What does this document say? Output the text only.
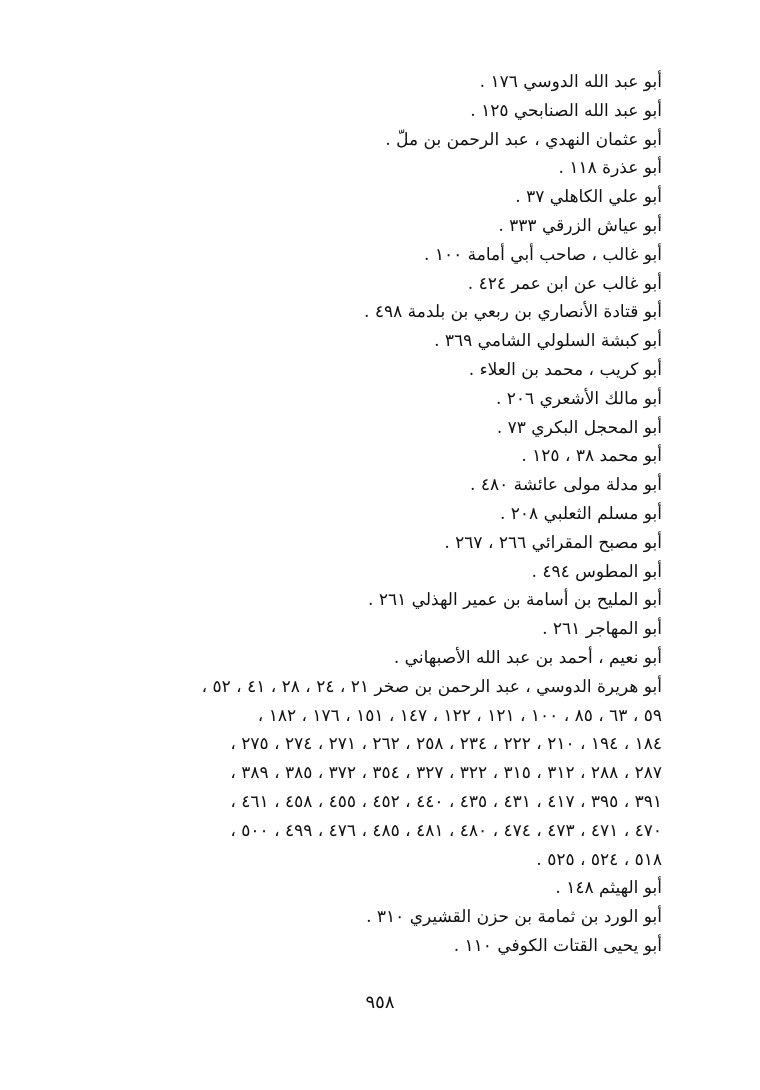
أبو عبد الله الدوسي ١٧٦ .
أبو عبد الله الصنابحي ١٢٥ .
أبو عثمان النهدي ، عبد الرحمن بن ملّ .
أبو عذرة ١١٨ .
أبو علي الكاهلي ٣٧ .
أبو عياش الزرقي ٣٣٣ .
أبو غالب ، صاحب أبي أمامة ١٠٠ .
أبو غالب عن ابن عمر ٤٢٤ .
أبو قتادة الأنصاري بن ربعي بن بلدمة ٤٩٨ .
أبو كبشة السلولي الشامي ٣٦٩ .
أبو كريب ، محمد بن العلاء .
أبو مالك الأشعري ٢٠٦ .
أبو المحجل البكري ٧٣ .
أبو محمد ٣٨ ، ١٢٥ .
أبو مدلة مولى عائشة ٤٨٠ .
أبو مسلم الثعلبي ٢٠٨ .
أبو مصبح المقرائي ٢٦٦ ، ٢٦٧ .
أبو المطوس ٤٩٤ .
أبو المليح بن أسامة بن عمير الهذلي ٢٦١ .
أبو المهاجر ٢٦١ .
أبو نعيم ، أحمد بن عبد الله الأصبهاني .
أبو هريرة الدوسي ، عبد الرحمن بن صخر ٢١ ، ٢٤ ، ٢٨ ، ٤١ ، ٥٢ ،
٥٩ ، ٦٣ ، ٨٥ ، ١٠٠ ، ١٢١ ، ١٢٢ ، ١٤٧ ، ١٥١ ، ١٧٦ ، ١٨٢ ،
١٨٤ ، ١٩٤ ، ٢١٠ ، ٢٢٢ ، ٢٣٤ ، ٢٥٨ ، ٢٦٢ ، ٢٧١ ، ٢٧٤ ، ٢٧٥ ،
٢٨٧ ، ٢٨٨ ، ٣١٢ ، ٣١٥ ، ٣٢٢ ، ٣٢٧ ، ٣٥٤ ، ٣٧٢ ، ٣٨٥ ، ٣٨٩ ،
٣٩١ ، ٣٩٥ ، ٤١٧ ، ٤٣١ ، ٤٣٥ ، ٤٤٠ ، ٤٥٢ ، ٤٥٥ ، ٤٥٨ ، ٤٦١ ،
٤٧٠ ، ٤٧١ ، ٤٧٣ ، ٤٧٤ ، ٤٨٠ ، ٤٨١ ، ٤٨٥ ، ٤٧٦ ، ٤٩٩ ، ٥٠٠ ،
٥١٨ ، ٥٢٤ ، ٥٢٥ .
أبو الهيثم ١٤٨ .
أبو الورد بن ثمامة بن حزن القشيري ٣١٠ .
أبو يحيى القتات الكوفي ١١٠ .
٩٥٨
